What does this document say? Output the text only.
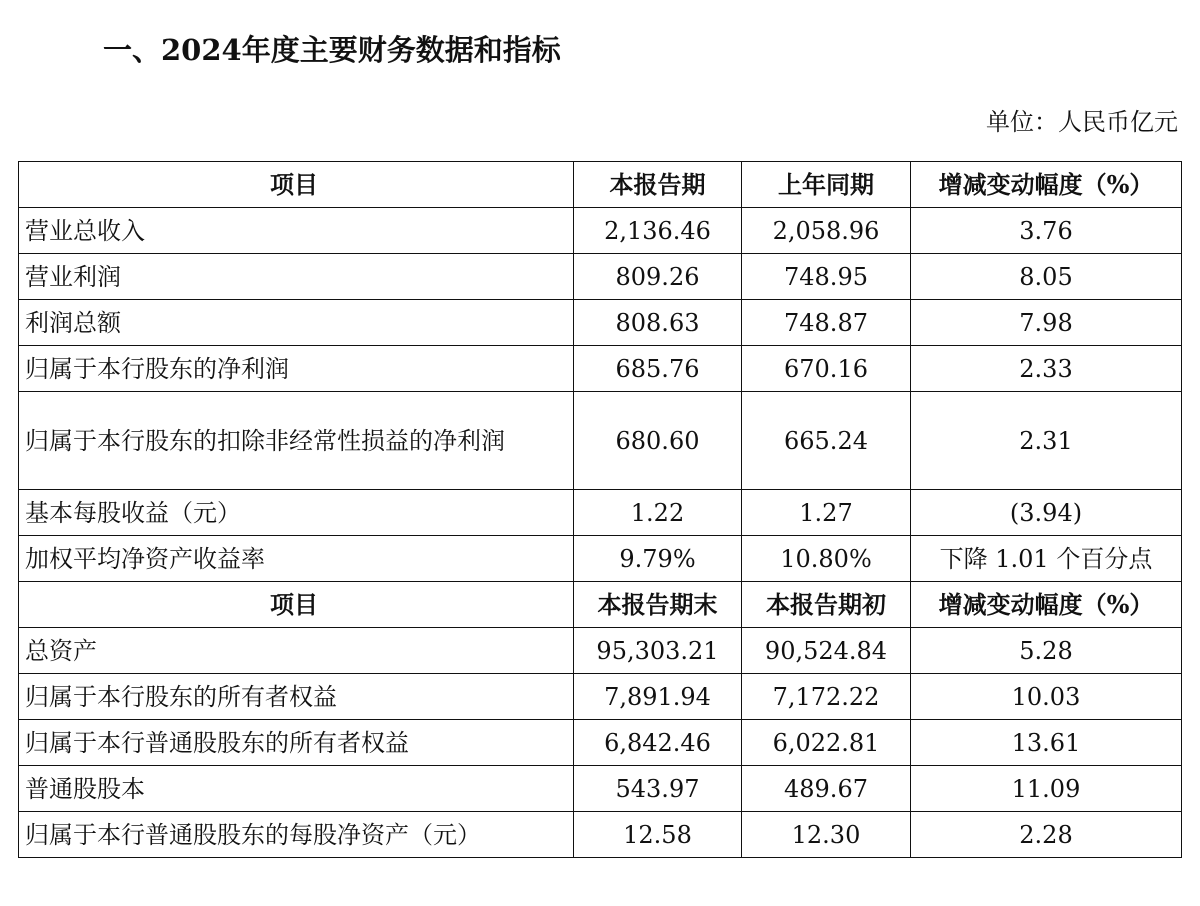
一、2024年度主要财务数据和指标
单位：人民币亿元
项目	本报告期	上年同期	增减变动幅度（%）
营业总收入	2,136.46	2,058.96	3.76
营业利润	809.26	748.95	8.05
利润总额	808.63	748.87	7.98
归属于本行股东的净利润	685.76	670.16	2.33
归属于本行股东的扣除非经常性损益的净利润	680.60	665.24	2.31
基本每股收益（元）	1.22	1.27	(3.94)
加权平均净资产收益率	9.79%	10.80%	下降 1.01 个百分点
项目	本报告期末	本报告期初	增减变动幅度（%）
总资产	95,303.21	90,524.84	5.28
归属于本行股东的所有者权益	7,891.94	7,172.22	10.03
归属于本行普通股股东的所有者权益	6,842.46	6,022.81	13.61
普通股股本	543.97	489.67	11.09
归属于本行普通股股东的每股净资产（元）	12.58	12.30	2.28
